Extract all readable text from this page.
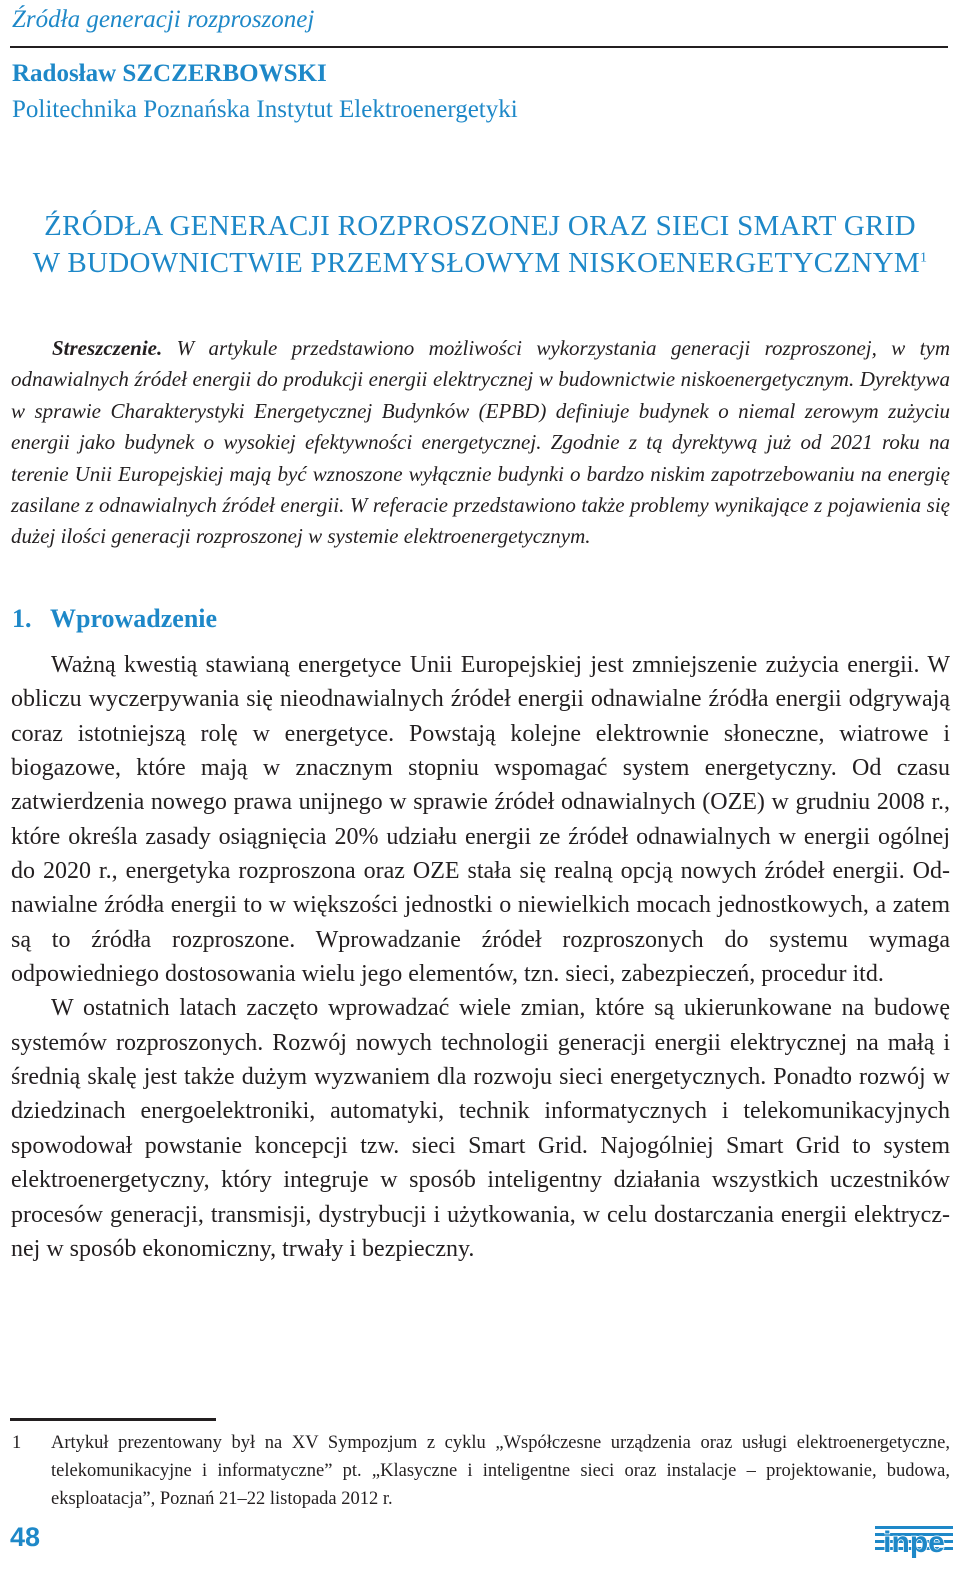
Źródła generacji rozproszonej
Radosław SZCZERBOWSKI
Politechnika Poznańska Instytut Elektroenergetyki
ŹRÓDŁA GENERACJI ROZPROSZONEJ ORAZ SIECI SMART GRID
W BUDOWNICTWIE PRZEMYSŁOWYM NISKOENERGETYCZNYM$^1$

Streszczenie. W artykule przedstawiono możliwości wykorzystania generacji rozproszonej, w tym odnawialnych źródeł energii do produkcji energii elektrycznej w budownictwie niskoenergetycznym. Dyrektywa w sprawie Charakterystyki Energetycznej Budynków (EPBD) definiuje budynek o niemal zerowym zużyciu energii jako budynek o wysokiej efektywności energetycznej. Zgodnie z tą dyrektywą już od 2021 roku na terenie Unii Europejskiej mają być wznoszone wyłącznie budynki o bardzo niskim zapotrzebowaniu na energię zasilane z odnawialnych źródeł energii. W referacie przedstawiono także problemy wynikające z pojawienia się dużej ilości generacji rozproszonej w systemie elektroenergetycznym.

1. Wprowadzenie

Ważną kwestią stawianą energetyce Unii Europejskiej jest zmniejszenie zużycia energii. W obliczu wyczerpywania się nieodnawialnych źródeł energii odnawialne źródła energii odgrywają coraz istotniejszą rolę w energetyce. Powstają kolejne elektrownie słoneczne, wiatrowe i biogazowe, które mają w znacznym stopniu wspomagać system energetyczny. Od czasu zatwierdzenia nowego prawa unijnego w sprawie źródeł odnawialnych (OZE) w grudniu 2008 r., które określa zasady osiągnięcia 20% udziału energii ze źródeł odnawialnych w energii ogólnej do 2020 r., energetyka rozproszona oraz OZE stała się realną opcją nowych źródeł energii. Odnawialne źródła energii to w większości jednostki o niewielkich mocach jednostkowych, a zatem są to źródła rozproszone. Wprowadzanie źródeł rozproszonych do systemu wymaga odpowiedniego dostosowania wielu jego elementów, tzn. sieci, zabezpieczeń, procedur itd.

W ostatnich latach zaczęto wprowadzać wiele zmian, które są ukierunkowane na budowę systemów rozproszonych. Rozwój nowych technologii generacji energii elektrycznej na małą i średnią skalę jest także dużym wyzwaniem dla rozwoju sieci energetycznych. Ponadto rozwój w dziedzinach energoelektroniki, automatyki, technik informatycznych i telekomunikacyjnych spowodował powstanie koncepcji tzw. sieci Smart Grid. Najogólniej Smart Grid to system elektroenergetyczny, który integruje w sposób inteligentny działania wszystkich uczestników procesów generacji, transmisji, dystrybucji i użytkowania, w celu dostarczania energii elektrycznej w sposób ekonomiczny, trwały i bezpieczny.

1 Artykuł prezentowany był na XV Sympozjum z cyklu „Współczesne urządzenia oraz usługi elektroenergetyczne, telekomunikacyjne i informatyczne” pt. „Klasyczne i inteligentne sieci oraz instalacje – projektowanie, budowa, eksploatacja”, Poznań 21–22 listopada 2012 r.

48	inpe
